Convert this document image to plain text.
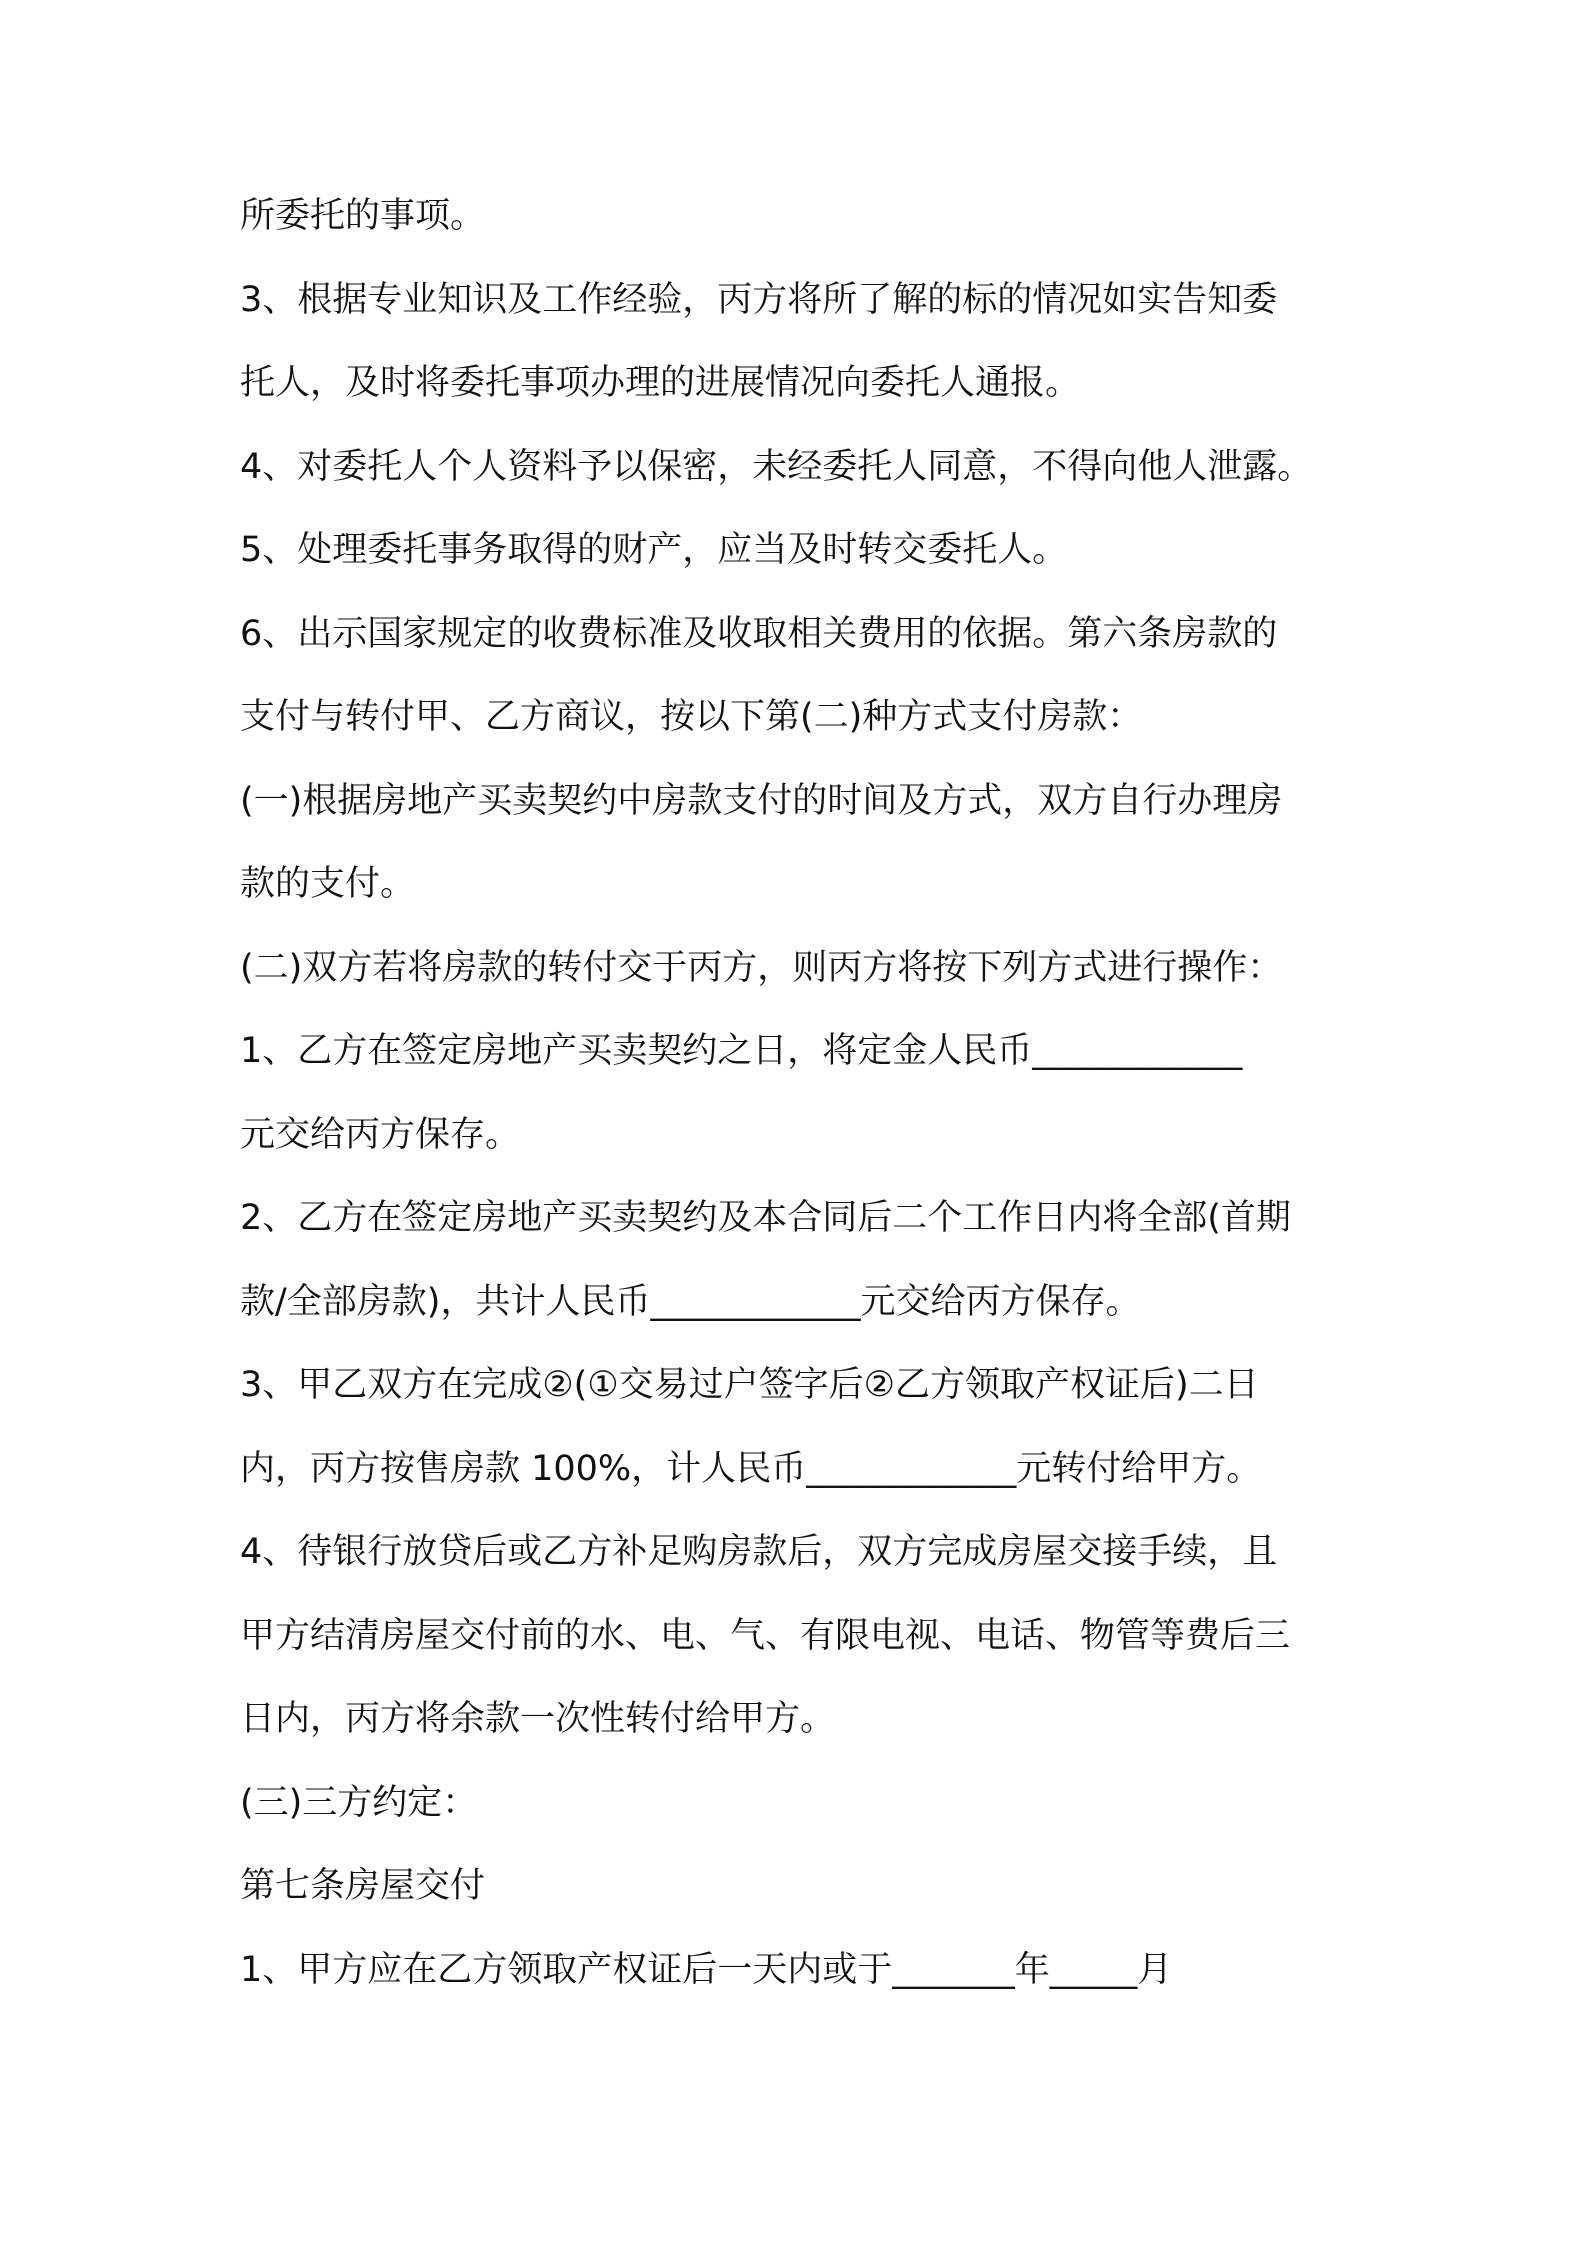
所委托的事项。
3、根据专业知识及工作经验，丙方将所了解的标的情况如实告知委
托人，及时将委托事项办理的进展情况向委托人通报。
4、对委托人个人资料予以保密，未经委托人同意，不得向他人泄露。
5、处理委托事务取得的财产，应当及时转交委托人。
6、出示国家规定的收费标准及收取相关费用的依据。第六条房款的
支付与转付甲、乙方商议，按以下第(二)种方式支付房款：
(一)根据房地产买卖契约中房款支付的时间及方式，双方自行办理房
款的支付。
(二)双方若将房款的转付交于丙方，则丙方将按下列方式进行操作：
1、乙方在签定房地产买卖契约之日，将定金人民币____________
元交给丙方保存。
2、乙方在签定房地产买卖契约及本合同后二个工作日内将全部(首期
款/全部房款)，共计人民币____________元交给丙方保存。
3、甲乙双方在完成②(①交易过户签字后②乙方领取产权证后)二日
内，丙方按售房款 100%，计人民币____________元转付给甲方。
4、待银行放贷后或乙方补足购房款后，双方完成房屋交接手续，且
甲方结清房屋交付前的水、电、气、有限电视、电话、物管等费后三
日内，丙方将余款一次性转付给甲方。
(三)三方约定：
第七条房屋交付
1、甲方应在乙方领取产权证后一天内或于_______年_____月
